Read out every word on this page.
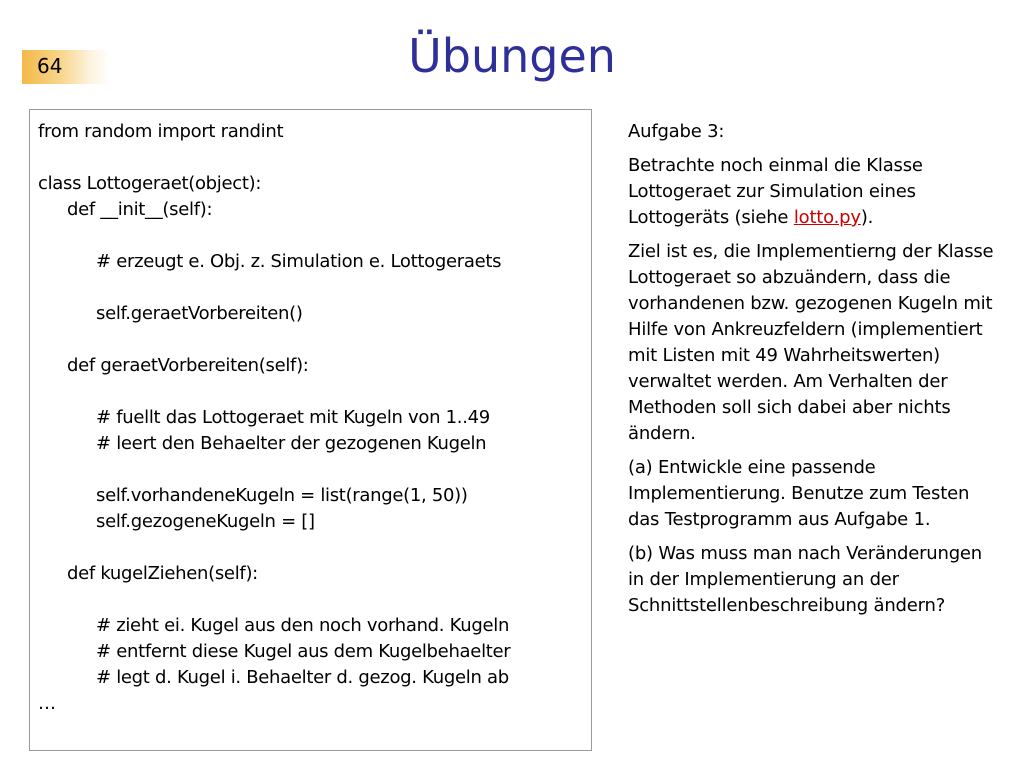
64	Übungen
from random import randint
class Lottogeraet(object):
def __init__(self):
# erzeugt e. Obj. z. Simulation e. Lottogeraets
self.geraetVorbereiten()
def geraetVorbereiten(self):
# fuellt das Lottogeraet mit Kugeln von 1..49
# leert den Behaelter der gezogenen Kugeln
self.vorhandeneKugeln = list(range(1, 50))
self.gezogeneKugeln = []
def kugelZiehen(self):
# zieht ei. Kugel aus den noch vorhand. Kugeln
# entfernt diese Kugel aus dem Kugelbehaelter
# legt d. Kugel i. Behaelter d. gezog. Kugeln ab
…

Aufgabe 3:

Betrachte noch einmal die Klasse Lottogeraet zur Simulation eines Lottogeräts (siehe lotto.py).

Ziel ist es, die Implementierng der Klasse Lottogeraet so abzuändern, dass die vorhandenen bzw. gezogenen Kugeln mit Hilfe von Ankreuzfeldern (implementiert mit Listen mit 49 Wahrheitswerten) verwaltet werden. Am Verhalten der Methoden soll sich dabei aber nichts ändern.

(a) Entwickle eine passende Implementierung. Benutze zum Testen das Testprogramm aus Aufgabe 1.

(b) Was muss man nach Veränderungen in der Implementierung an der Schnittstellenbeschreibung ändern?
